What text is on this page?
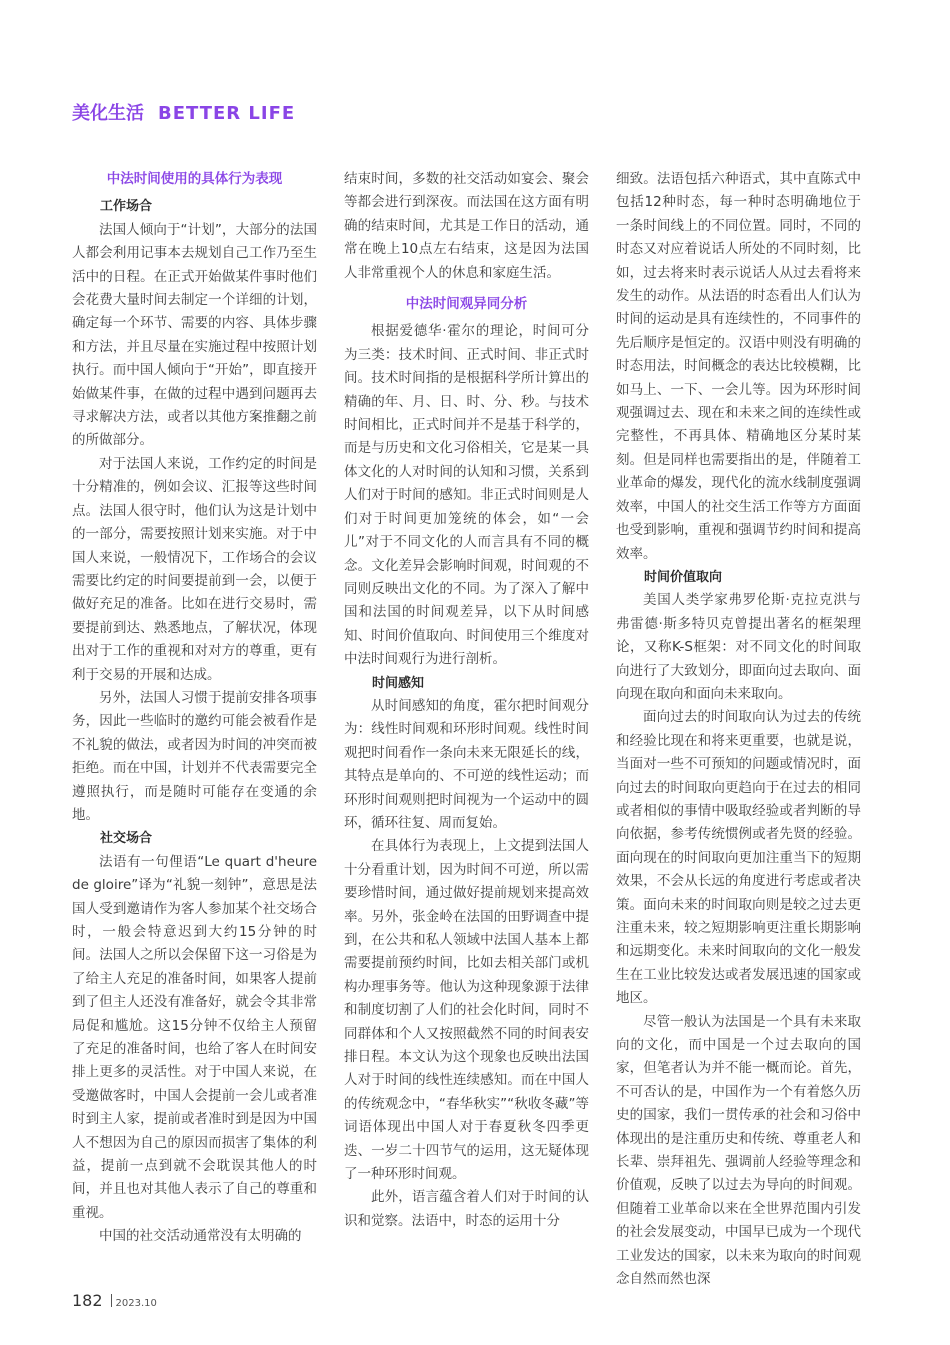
美化生活 BETTER LIFE
中法时间使用的具体行为表现
工作场合

法国人倾向于“计划”，大部分的法国人都会利用记事本去规划自己工作乃至生活中的日程。在正式开始做某件事时他们会花费大量时间去制定一个详细的计划，确定每一个环节、需要的内容、具体步骤和方法，并且尽量在实施过程中按照计划执行。而中国人倾向于“开始”，即直接开始做某件事，在做的过程中遇到问题再去寻求解决方法，或者以其他方案推翻之前的所做部分。

对于法国人来说，工作约定的时间是十分精准的，例如会议、汇报等这些时间点。法国人很守时，他们认为这是计划中的一部分，需要按照计划来实施。对于中国人来说，一般情况下，工作场合的会议需要比约定的时间要提前到一会，以便于做好充足的准备。比如在进行交易时，需要提前到达、熟悉地点，了解状况，体现出对于工作的重视和对对方的尊重，更有利于交易的开展和达成。

另外，法国人习惯于提前安排各项事务，因此一些临时的邀约可能会被看作是不礼貌的做法，或者因为时间的冲突而被拒绝。而在中国，计划并不代表需要完全遵照执行，而是随时可能存在变通的余地。

社交场合

法语有一句俚语“Le quart d'heure de gloire”译为“礼貌一刻钟”，意思是法国人受到邀请作为客人参加某个社交场合时，一般会特意迟到大约15分钟的时间。法国人之所以会保留下这一习俗是为了给主人充足的准备时间，如果客人提前到了但主人还没有准备好，就会令其非常局促和尴尬。这15分钟不仅给主人预留了充足的准备时间，也给了客人在时间安排上更多的灵活性。对于中国人来说，在受邀做客时，中国人会提前一会儿或者准时到主人家，提前或者准时到是因为中国人不想因为自己的原因而损害了集体的利益，提前一点到就不会耽误其他人的时间，并且也对其他人表示了自己的尊重和重视。

中国的社交活动通常没有太明确的

结束时间，多数的社交活动如宴会、聚会等都会进行到深夜。而法国在这方面有明确的结束时间，尤其是工作日的活动，通常在晚上10点左右结束，这是因为法国人非常重视个人的休息和家庭生活。

中法时间观异同分析

根据爱德华·霍尔的理论，时间可分为三类：技术时间、正式时间、非正式时间。技术时间指的是根据科学所计算出的精确的年、月、日、时、分、秒。与技术时间相比，正式时间并不是基于科学的，而是与历史和文化习俗相关，它是某一具体文化的人对时间的认知和习惯，关系到人们对于时间的感知。非正式时间则是人们对于时间更加笼统的体会，如“一会儿”对于不同文化的人而言具有不同的概念。文化差异会影响时间观，时间观的不同则反映出文化的不同。为了深入了解中国和法国的时间观差异，以下从时间感知、时间价值取向、时间使用三个维度对中法时间观行为进行剖析。

时间感知

从时间感知的角度，霍尔把时间观分为：线性时间观和环形时间观。线性时间观把时间看作一条向未来无限延长的线，其特点是单向的、不可逆的线性运动；而环形时间观则把时间视为一个运动中的圆环，循环往复、周而复始。

在具体行为表现上，上文提到法国人十分看重计划，因为时间不可逆，所以需要珍惜时间，通过做好提前规划来提高效率。另外，张金岭在法国的田野调查中提到，在公共和私人领域中法国人基本上都需要提前预约时间，比如去相关部门或机构办理事务等。他认为这种现象源于法律和制度切割了人们的社会化时间，同时不同群体和个人又按照截然不同的时间表安排日程。本文认为这个现象也反映出法国人对于时间的线性连续感知。而在中国人的传统观念中，“春华秋实”“秋收冬藏”等词语体现出中国人对于春夏秋冬四季更迭、一岁二十四节气的运用，这无疑体现了一种环形时间观。

此外，语言蕴含着人们对于时间的认识和觉察。法语中，时态的运用十分

细致。法语包括六种语式，其中直陈式中包括12种时态，每一种时态明确地位于一条时间线上的不同位置。同时，不同的时态又对应着说话人所处的不同时刻，比如，过去将来时表示说话人从过去看将来发生的动作。从法语的时态看出人们认为时间的运动是具有连续性的，不同事件的先后顺序是恒定的。汉语中则没有明确的时态用法，时间概念的表达比较模糊，比如马上、一下、一会儿等。因为环形时间观强调过去、现在和未来之间的连续性或完整性，不再具体、精确地区分某时某刻。但是同样也需要指出的是，伴随着工业革命的爆发，现代化的流水线制度强调效率，中国人的社交生活工作等方方面面也受到影响，重视和强调节约时间和提高效率。

时间价值取向

美国人类学家弗罗伦斯·克拉克洪与弗雷德·斯多特贝克曾提出著名的框架理论，又称K-S框架：对不同文化的时间取向进行了大致划分，即面向过去取向、面向现在取向和面向未来取向。

面向过去的时间取向认为过去的传统和经验比现在和将来更重要，也就是说，当面对一些不可预知的问题或情况时，面向过去的时间取向更趋向于在过去的相同或者相似的事情中吸取经验或者判断的导向依据，参考传统惯例或者先贤的经验。面向现在的时间取向更加注重当下的短期效果，不会从长远的角度进行考虑或者决策。面向未来的时间取向则是较之过去更注重未来，较之短期影响更注重长期影响和远期变化。未来时间取向的文化一般发生在工业比较发达或者发展迅速的国家或地区。

尽管一般认为法国是一个具有未来取向的文化，而中国是一个过去取向的国家，但笔者认为并不能一概而论。首先，不可否认的是，中国作为一个有着悠久历史的国家，我们一贯传承的社会和习俗中体现出的是注重历史和传统、尊重老人和长辈、崇拜祖先、强调前人经验等理念和价值观，反映了以过去为导向的时间观。但随着工业革命以来在全世界范围内引发的社会发展变动，中国早已成为一个现代工业发达的国家，以未来为取向的时间观念自然而然也深

182 2023.10
